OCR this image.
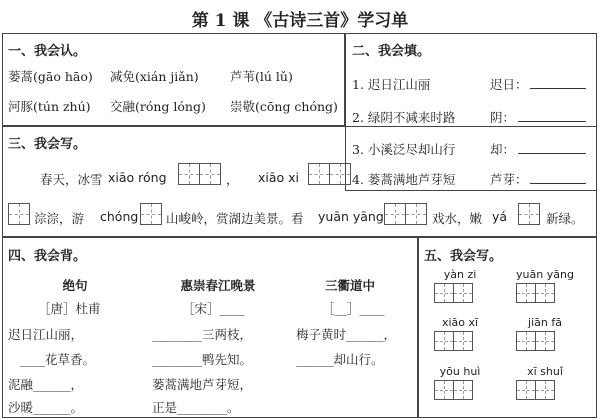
第 1 课 《古诗三首》学习单
一、我会认。
蒌蒿(gāo hāo) 减免(xián jiǎn)	芦苇(lú lǔ)
河豚(tún zhú) 交融(róng lóng) 崇敬(cōng chóng)
二、我会填。
1. 迟日江山丽	迟日：
2. 绿阴不减来时路	阴：
3. 小溪泛尽却山行	却：
4. 蒌蒿满地芦芽短	芦芽：
三、我会写。
春天，冰雪 xiāo róng	， xiāo xi
淙淙，游 chóng 山峻岭，赏湖边美景。看 yuān yāng	戏水，嫩 yá	新绿。
四、我会背。
绝句
［唐］杜甫
迟日江山丽，
____花草香。
泥融______，
沙暖______。
惠崇春江晚景
［宋］____
________三两枝，
________鸭先知。
蒌蒿满地芦芽短，
正是________。
三衢道中
［__］____
梅子黄时______，
______却山行。
五、我会写。
yàn zi	yuān yāng
xiāo xī	jiān fā
yōu huì	xī shuǐ
